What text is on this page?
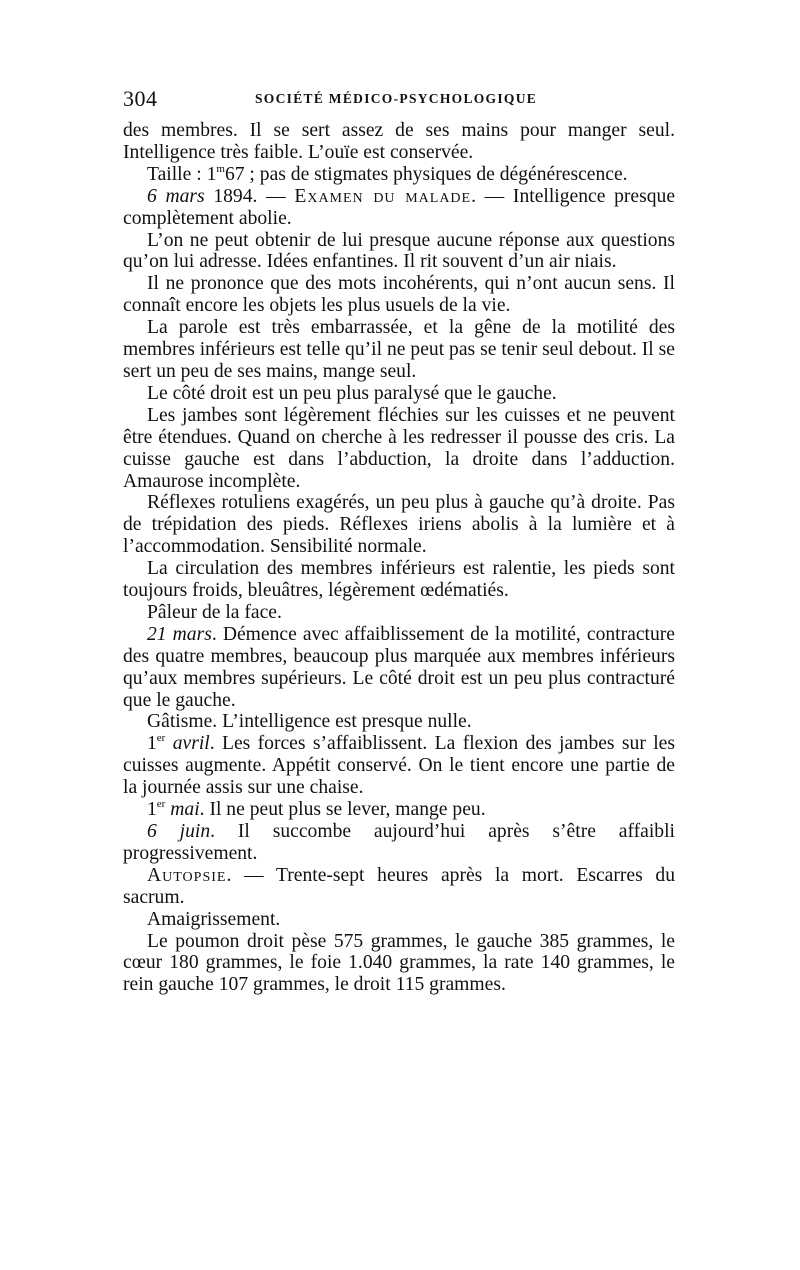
304	SOCIÉTÉ MÉDICO-PSYCHOLOGIQUE

des membres. Il se sert assez de ses mains pour manger seul. Intelligence très faible. L’ouïe est conservée.

Taille : 1$^m$67 ; pas de stigmates physiques de dégénérescence.

6 mars 1894. — Examen du malade. — Intelligence presque complètement abolie.

L’on ne peut obtenir de lui presque aucune réponse aux questions qu’on lui adresse. Idées enfantines. Il rit souvent d’un air niais.

Il ne prononce que des mots incohérents, qui n’ont aucun sens. Il connaît encore les objets les plus usuels de la vie.

La parole est très embarrassée, et la gêne de la motilité des membres inférieurs est telle qu’il ne peut pas se tenir seul debout. Il se sert un peu de ses mains, mange seul.

Le côté droit est un peu plus paralysé que le gauche.

Les jambes sont légèrement fléchies sur les cuisses et ne peuvent être étendues. Quand on cherche à les redresser il pousse des cris. La cuisse gauche est dans l’abduction, la droite dans l’adduction. Amaurose incomplète.

Réflexes rotuliens exagérés, un peu plus à gauche qu’à droite. Pas de trépidation des pieds. Réflexes iriens abolis à la lumière et à l’accommodation. Sensibilité normale.

La circulation des membres inférieurs est ralentie, les pieds sont toujours froids, bleuâtres, légèrement œdématiés.

Pâleur de la face.

21 mars. Démence avec affaiblissement de la motilité, contracture des quatre membres, beaucoup plus marquée aux membres inférieurs qu’aux membres supérieurs. Le côté droit est un peu plus contracturé que le gauche.

Gâtisme. L’intelligence est presque nulle.

1er avril. Les forces s’affaiblissent. La flexion des jambes sur les cuisses augmente. Appétit conservé. On le tient encore une partie de la journée assis sur une chaise.

1er mai. Il ne peut plus se lever, mange peu.

6 juin. Il succombe aujourd’hui après s’être affaibli progressivement.

Autopsie. — Trente-sept heures après la mort. Escarres du sacrum.

Amaigrissement.

Le poumon droit pèse 575 grammes, le gauche 385 grammes, le cœur 180 grammes, le foie 1.040 grammes, la rate 140 grammes, le rein gauche 107 grammes, le droit 115 grammes.
